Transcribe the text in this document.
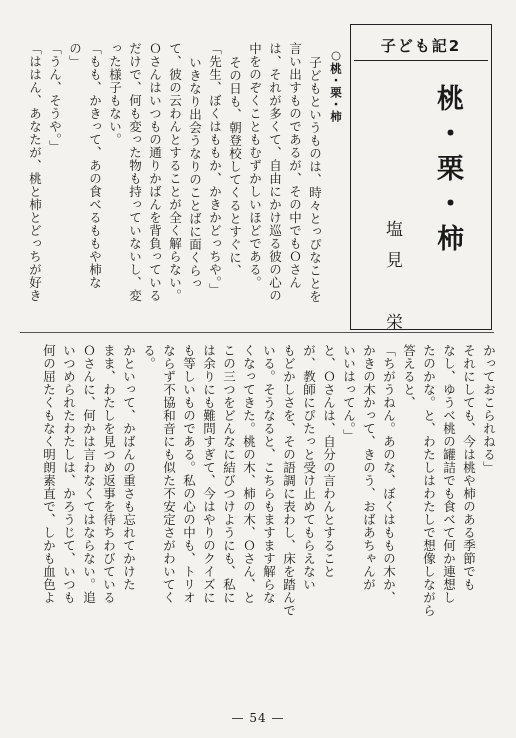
かっておこられねる」
それにしても、今は桃や柿のある季節でも
なし、ゆうべ桃の罐詰でも食べて何か連想し
たのかな。と、わたしはわたしで想像しながら
答えると、
「ちがうねん。あのな、ぼくはももの木か、
かきの木かって、きのう、おばあちゃんが
いいはってん。」
と、Ｏさんは、自分の言わんとすること
が、教師にぴたっと受け止めてもらえない
もどかしさを、その語調に表わし、床を踏んで
いる。そうなると、こちらもますます解らな
くなってきた。桃の木、柿の木、Ｏさん、と
この三つをどんなに結びつけようにも、私に
は余りにも難問すぎて、今はやりのクイズに
も等しいものである。私の心の中も、トリオ
ならず不協和音にも似た不安定さがわいてく
る。
かといって、かばんの重さも忘れてかけた
まま、わたしを見つめ返事を待ちわびている
Ｏさんに、何かは言わなくてはならない。追
いつめられたわたしは、かろうじて、いつも
何の屈たくもなく明朗素直で、しかも血色よ
子ども記2
桃・栗・柿
塩見　栄
○桃・栗・柿
子どもというものは、時々とっぴなことを
言い出すものであるが、その中でもＯさん
は、それが多くて、自由にかけ巡る彼の心の
中をのぞくこともむずかしいほどである。
その日も、朝登校してくるとすぐに、
「先生、ぼくはももか、かきかどっちや。」
いきなり出会うなりのことばに面くらっ
て、彼の云わんとすることが全く解らない。
Ｏさんはいつもの通りかばんを背負っている
だけで、何も変った物も持っていないし、変
った様子もない。
「もも、かきって、あの食べるももや柿な
の」
「うん、そうや。」
「ははん、あなたが、桃と柿とどっちが好き
— 54 —
